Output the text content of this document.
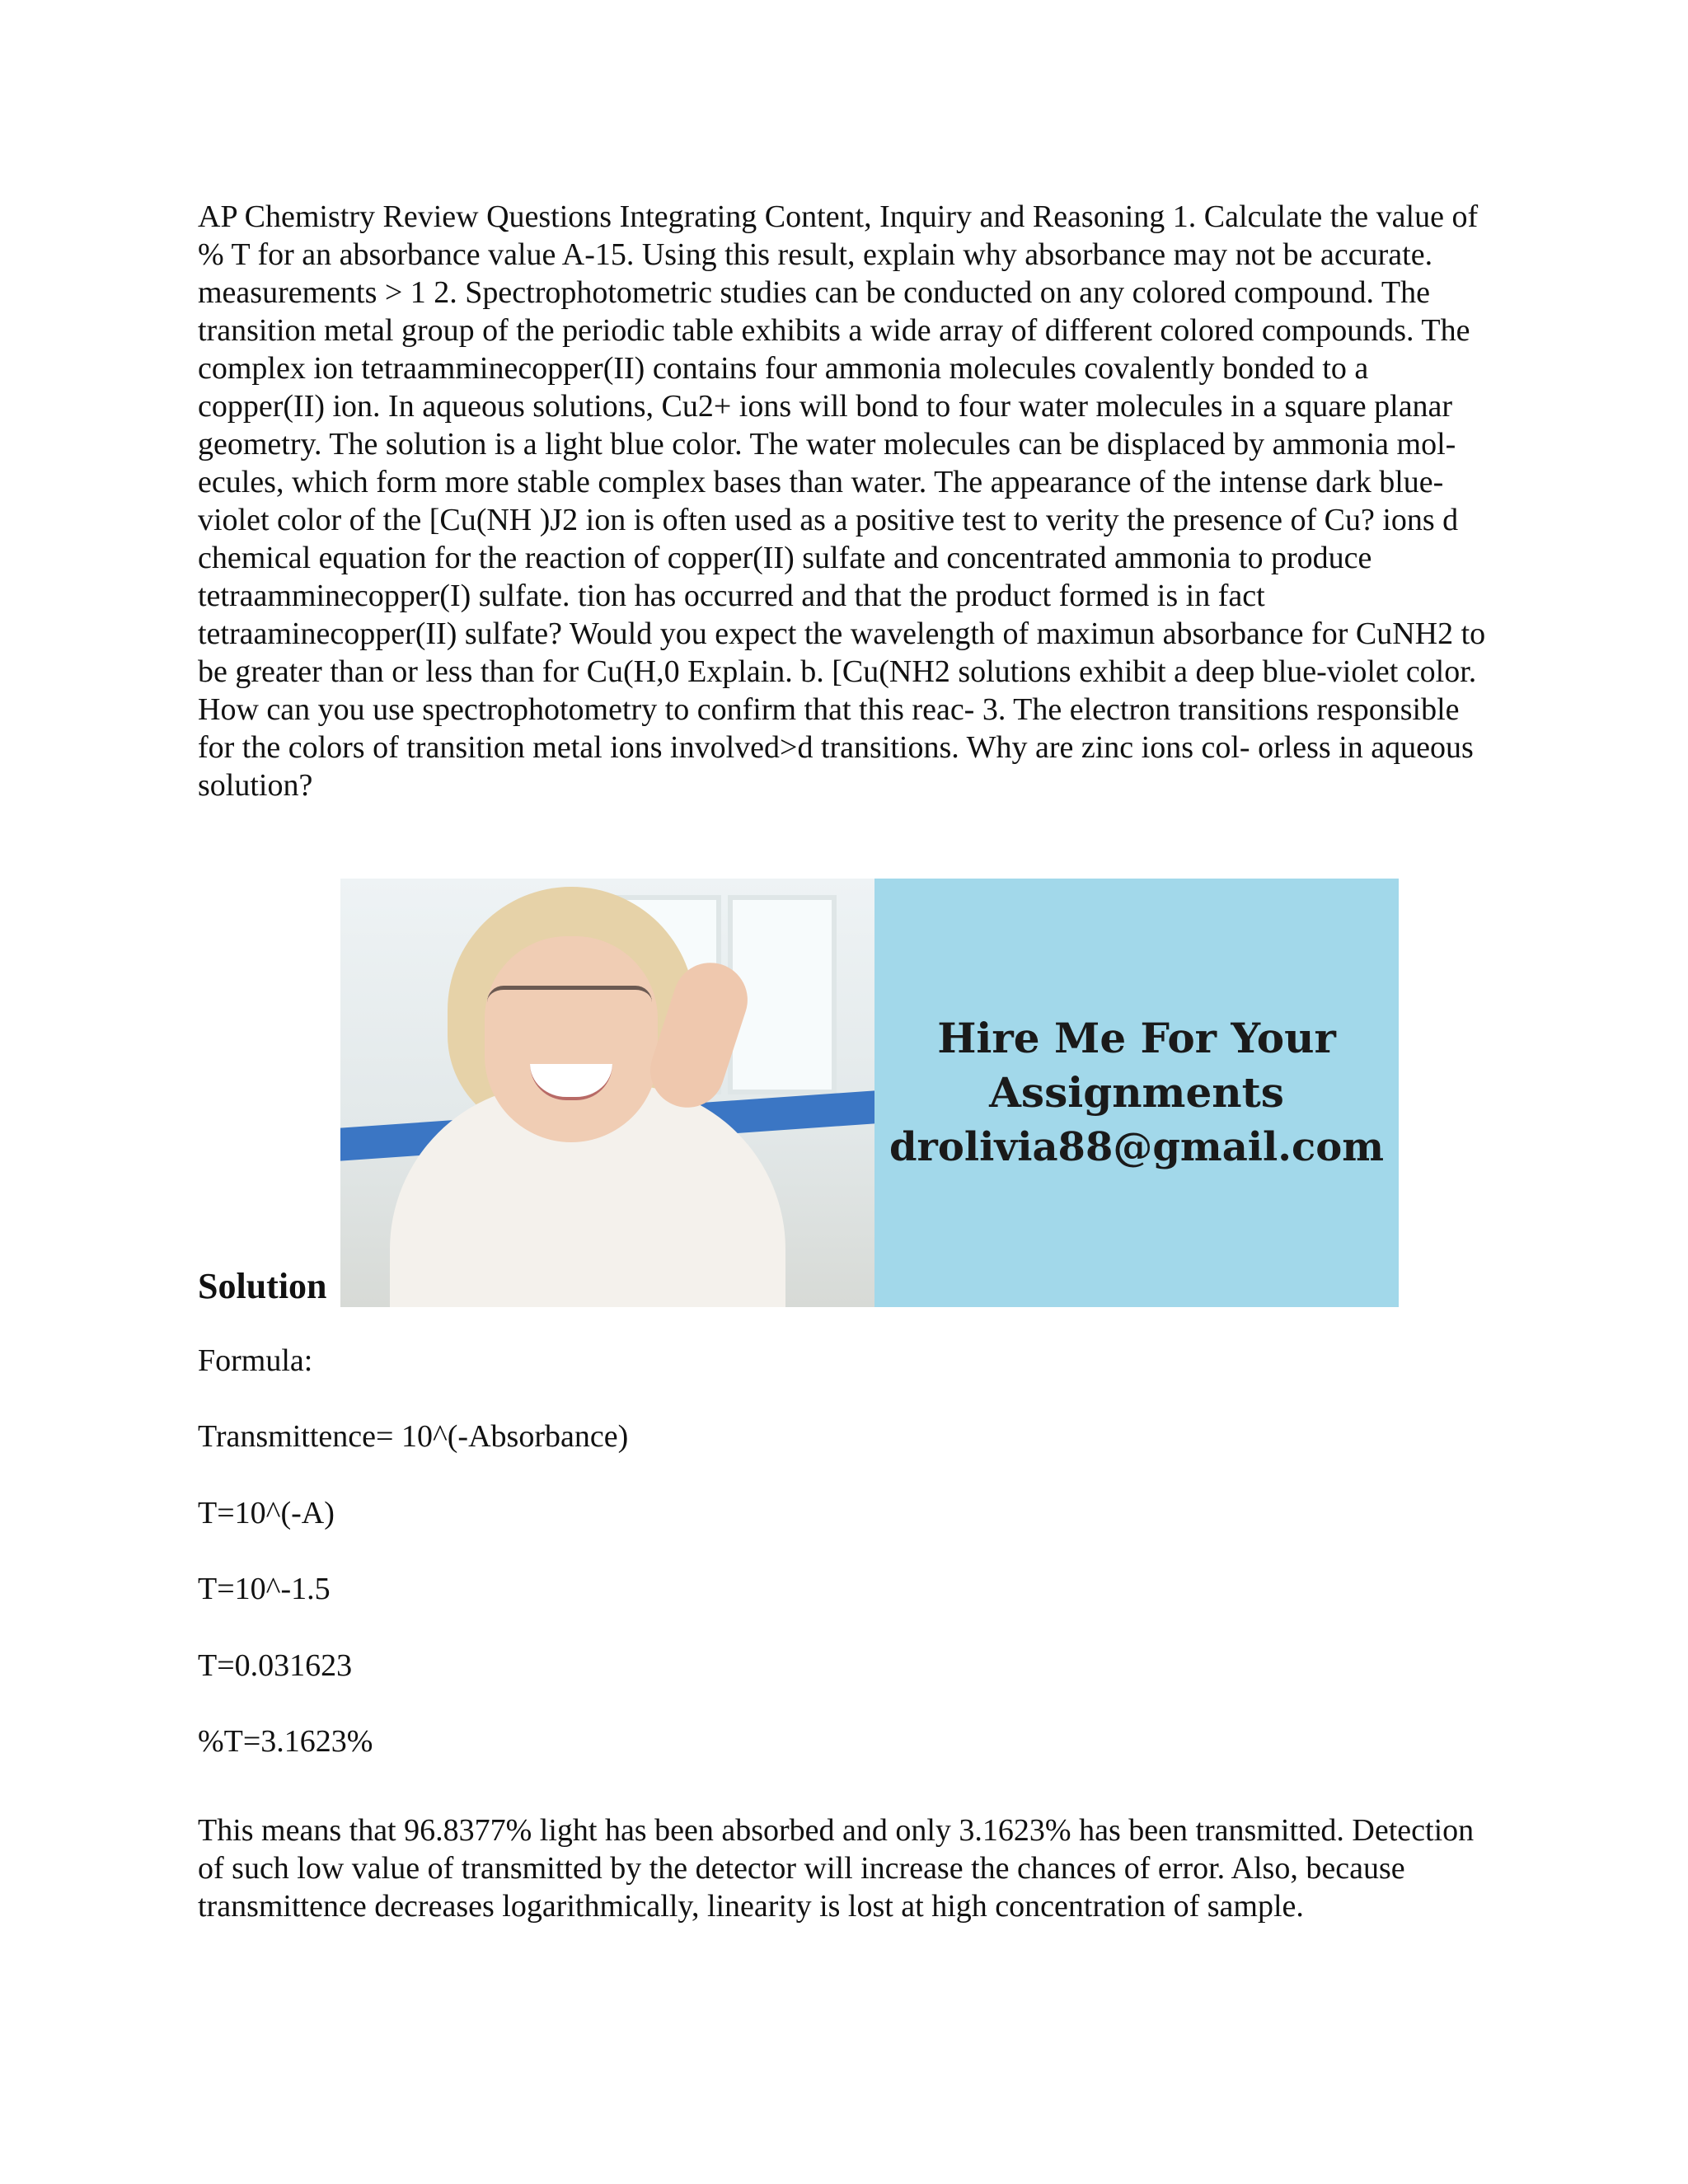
AP Chemistry Review Questions Integrating Content, Inquiry and Reasoning 1. Calculate the value of % T for an absorbance value A-15. Using this result, explain why absorbance may not be accurate. measurements > 1 2. Spectrophotometric studies can be conducted on any colored compound. The transition metal group of the periodic table exhibits a wide array of different colored compounds. The complex ion tetraamminecopper(II) contains four ammonia molecules covalently bonded to a copper(II) ion. In aqueous solutions, Cu2+ ions will bond to four water molecules in a square planar geometry. The solution is a light blue color. The water molecules can be displaced by ammonia mol- ecules, which form more stable complex bases than water. The appearance of the intense dark blue-violet color of the [Cu(NH )J2 ion is often used as a positive test to verity the presence of Cu? ions d chemical equation for the reaction of copper(II) sulfate and concentrated ammonia to produce tetraamminecopper(I) sulfate. tion has occurred and that the product formed is in fact tetraaminecopper(II) sulfate? Would you expect the wavelength of maximun absorbance for CuNH2 to be greater than or less than for Cu(H,0 Explain. b. [Cu(NH2 solutions exhibit a deep blue-violet color. How can you use spectrophotometry to confirm that this reac- 3. The electron transitions responsible for the colors of transition metal ions involved>d transitions. Why are zinc ions col- orless in aqueous solution?

Solution
Hire Me For Your
Assignments
drolivia88@gmail.com

Formula:

Transmittence= 10^(-Absorbance)

T=10^(-A)

T=10^-1.5

T=0.031623

%T=3.1623%

This means that 96.8377% light has been absorbed and only 3.1623% has been transmitted. Detection of such low value of transmitted by the detector will increase the chances of error. Also, because transmittence decreases logarithmically, linearity is lost at high concentration of sample.
